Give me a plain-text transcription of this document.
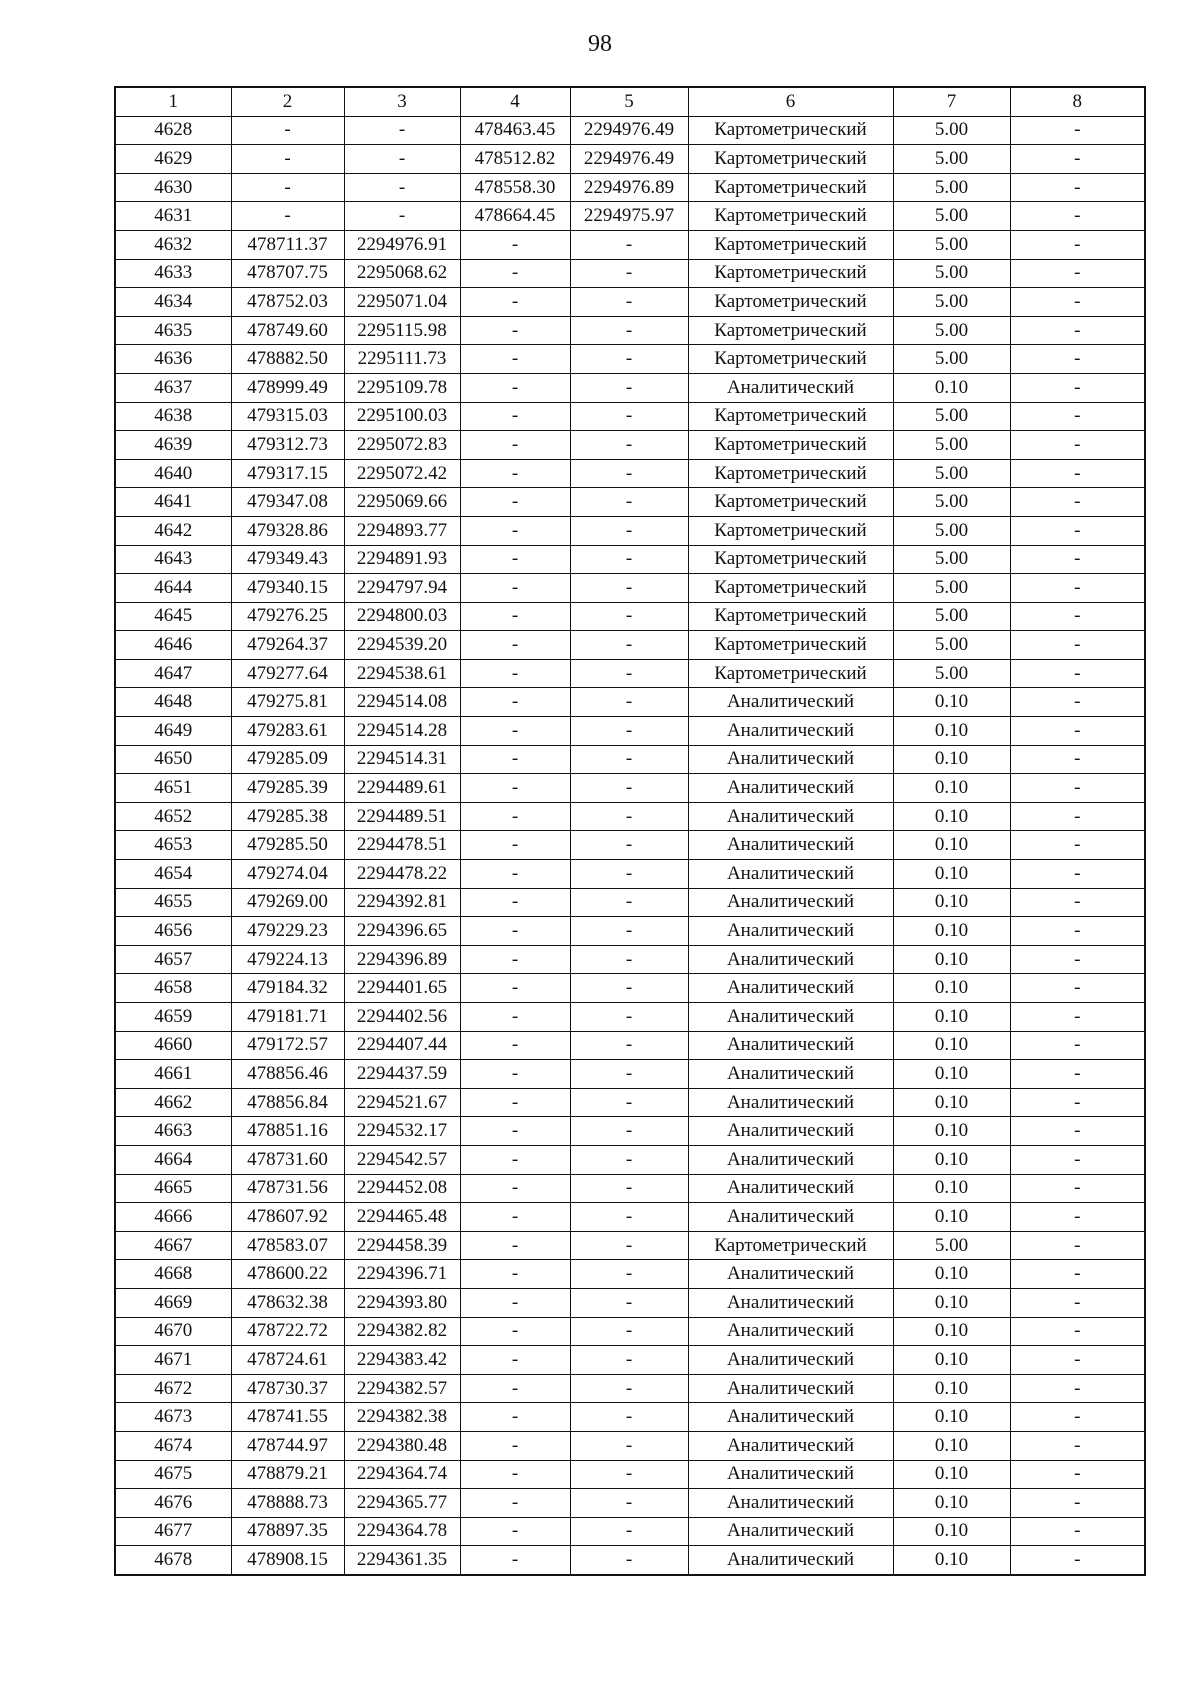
98
1	2	3	4	5	6	7	8
4628	-	-	478463.45	2294976.49	Картометрический	5.00	-
4629	-	-	478512.82	2294976.49	Картометрический	5.00	-
4630	-	-	478558.30	2294976.89	Картометрический	5.00	-
4631	-	-	478664.45	2294975.97	Картометрический	5.00	-
4632	478711.37	2294976.91	-	-	Картометрический	5.00	-
4633	478707.75	2295068.62	-	-	Картометрический	5.00	-
4634	478752.03	2295071.04	-	-	Картометрический	5.00	-
4635	478749.60	2295115.98	-	-	Картометрический	5.00	-
4636	478882.50	2295111.73	-	-	Картометрический	5.00	-
4637	478999.49	2295109.78	-	-	Аналитический	0.10	-
4638	479315.03	2295100.03	-	-	Картометрический	5.00	-
4639	479312.73	2295072.83	-	-	Картометрический	5.00	-
4640	479317.15	2295072.42	-	-	Картометрический	5.00	-
4641	479347.08	2295069.66	-	-	Картометрический	5.00	-
4642	479328.86	2294893.77	-	-	Картометрический	5.00	-
4643	479349.43	2294891.93	-	-	Картометрический	5.00	-
4644	479340.15	2294797.94	-	-	Картометрический	5.00	-
4645	479276.25	2294800.03	-	-	Картометрический	5.00	-
4646	479264.37	2294539.20	-	-	Картометрический	5.00	-
4647	479277.64	2294538.61	-	-	Картометрический	5.00	-
4648	479275.81	2294514.08	-	-	Аналитический	0.10	-
4649	479283.61	2294514.28	-	-	Аналитический	0.10	-
4650	479285.09	2294514.31	-	-	Аналитический	0.10	-
4651	479285.39	2294489.61	-	-	Аналитический	0.10	-
4652	479285.38	2294489.51	-	-	Аналитический	0.10	-
4653	479285.50	2294478.51	-	-	Аналитический	0.10	-
4654	479274.04	2294478.22	-	-	Аналитический	0.10	-
4655	479269.00	2294392.81	-	-	Аналитический	0.10	-
4656	479229.23	2294396.65	-	-	Аналитический	0.10	-
4657	479224.13	2294396.89	-	-	Аналитический	0.10	-
4658	479184.32	2294401.65	-	-	Аналитический	0.10	-
4659	479181.71	2294402.56	-	-	Аналитический	0.10	-
4660	479172.57	2294407.44	-	-	Аналитический	0.10	-
4661	478856.46	2294437.59	-	-	Аналитический	0.10	-
4662	478856.84	2294521.67	-	-	Аналитический	0.10	-
4663	478851.16	2294532.17	-	-	Аналитический	0.10	-
4664	478731.60	2294542.57	-	-	Аналитический	0.10	-
4665	478731.56	2294452.08	-	-	Аналитический	0.10	-
4666	478607.92	2294465.48	-	-	Аналитический	0.10	-
4667	478583.07	2294458.39	-	-	Картометрический	5.00	-
4668	478600.22	2294396.71	-	-	Аналитический	0.10	-
4669	478632.38	2294393.80	-	-	Аналитический	0.10	-
4670	478722.72	2294382.82	-	-	Аналитический	0.10	-
4671	478724.61	2294383.42	-	-	Аналитический	0.10	-
4672	478730.37	2294382.57	-	-	Аналитический	0.10	-
4673	478741.55	2294382.38	-	-	Аналитический	0.10	-
4674	478744.97	2294380.48	-	-	Аналитический	0.10	-
4675	478879.21	2294364.74	-	-	Аналитический	0.10	-
4676	478888.73	2294365.77	-	-	Аналитический	0.10	-
4677	478897.35	2294364.78	-	-	Аналитический	0.10	-
4678	478908.15	2294361.35	-	-	Аналитический	0.10	-
